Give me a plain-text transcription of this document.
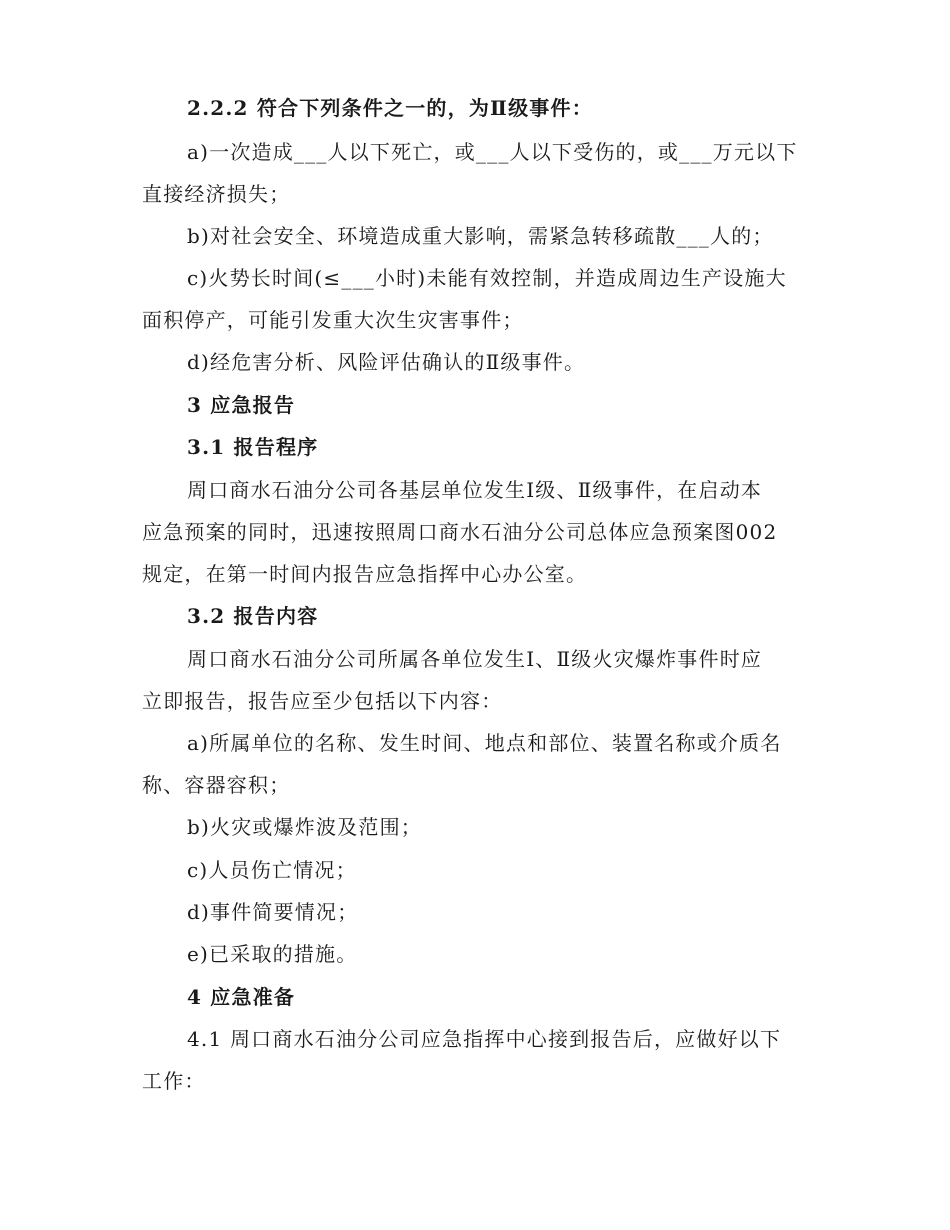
2.2.2 符合下列条件之一的，为Ⅱ级事件：
a)一次造成___人以下死亡，或___人以下受伤的，或___万元以下
直接经济损失；
b)对社会安全、环境造成重大影响，需紧急转移疏散___人的；
c)火势长时间(≤___小时)未能有效控制，并造成周边生产设施大
面积停产，可能引发重大次生灾害事件；
d)经危害分析、风险评估确认的Ⅱ级事件。
3 应急报告
3.1 报告程序
周口商水石油分公司各基层单位发生Ⅰ级、Ⅱ级事件，在启动本
应急预案的同时，迅速按照周口商水石油分公司总体应急预案图002
规定，在第一时间内报告应急指挥中心办公室。
3.2 报告内容
周口商水石油分公司所属各单位发生Ⅰ、Ⅱ级火灾爆炸事件时应
立即报告，报告应至少包括以下内容：
a)所属单位的名称、发生时间、地点和部位、装置名称或介质名
称、容器容积；
b)火灾或爆炸波及范围；
c)人员伤亡情况；
d)事件简要情况；
e)已采取的措施。
4 应急准备
4.1 周口商水石油分公司应急指挥中心接到报告后，应做好以下
工作：
